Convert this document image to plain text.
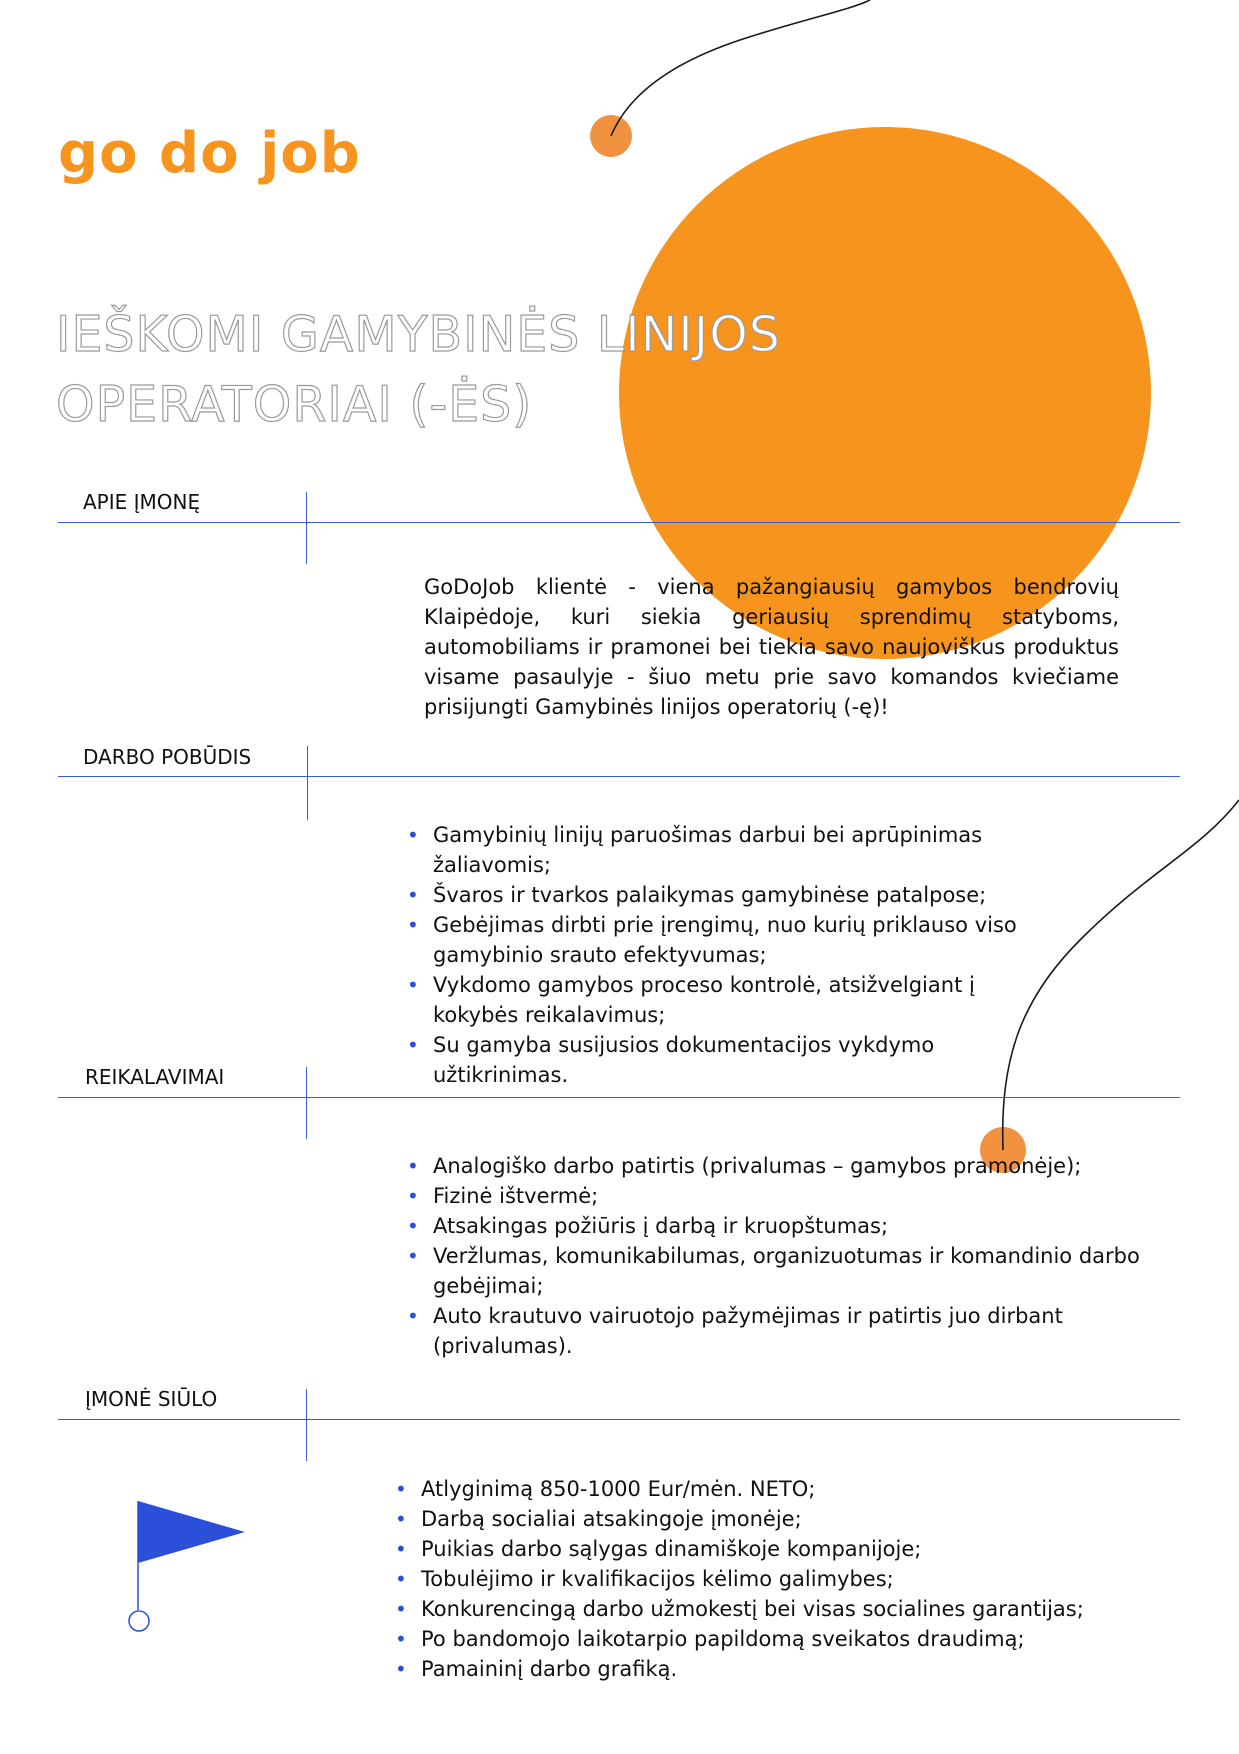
go do job
IEŠKOMI GAMYBINĖS LINIJOS
OPERATORIAI (-ĖS)
APIE ĮMONĘ

GoDoJob klientė - viena pažangiausių gamybos bendrovių Klaipėdoje, kuri siekia geriausių sprendimų statyboms, automobiliams ir pramonei bei tiekia savo naujoviškus produktus visame pasaulyje - šiuo metu prie savo komandos kviečiame prisijungti Gamybinės linijos operatorių (-ę)!

DARBO POBŪDIS
• Gamybinių linijų paruošimas darbui bei aprūpinimas žaliavomis;
• Švaros ir tvarkos palaikymas gamybinėse patalpose;
• Gebėjimas dirbti prie įrengimų, nuo kurių priklauso viso gamybinio srauto efektyvumas;
• Vykdomo gamybos proceso kontrolė, atsižvelgiant į kokybės reikalavimus;
• Su gamyba susijusios dokumentacijos vykdymo užtikrinimas.
REIKALAVIMAI
• Analogiško darbo patirtis (privalumas – gamybos pramonėje);
• Fizinė ištvermė;
• Atsakingas požiūris į darbą ir kruopštumas;
• Veržlumas, komunikabilumas, organizuotumas ir komandinio darbo gebėjimai;
• Auto krautuvo vairuotojo pažymėjimas ir patirtis juo dirbant (privalumas).
ĮMONĖ SIŪLO
• Atlyginimą 850-1000 Eur/mėn. NETO;
• Darbą socialiai atsakingoje įmonėje;
• Puikias darbo sąlygas dinamiškoje kompanijoje;
• Tobulėjimo ir kvalifikacijos kėlimo galimybes;
• Konkurencingą darbo užmokestį bei visas socialines garantijas;
• Po bandomojo laikotarpio papildomą sveikatos draudimą;
• Pamaininį darbo grafiką.
